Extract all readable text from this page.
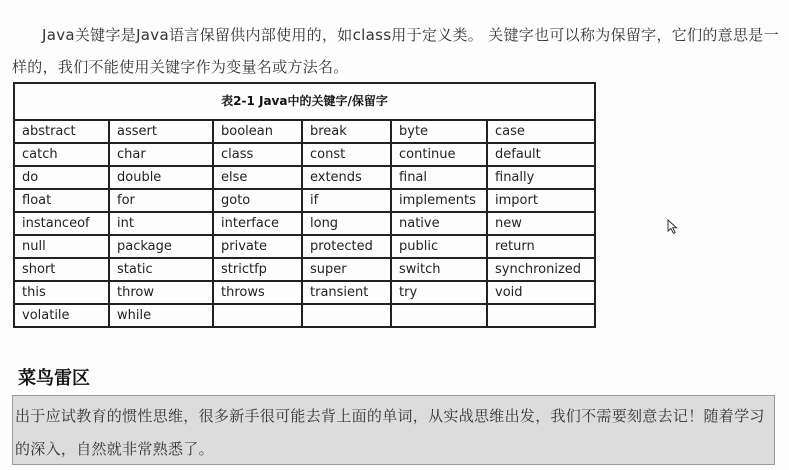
Java关键字是Java语言保留供内部使用的，如class用于定义类。 关键字也可以称为保留字，它们的意思是一样的，我们不能使用关键字作为变量名或方法名。

表2-1 Java中的关键字/保留字
abstract	assert	boolean	break	byte	case
catch	char	class	const	continue	default
do	double	else	extends	final	finally
float	for	goto	if	implements	import
instanceof	int	interface	long	native	new
null	package	private	protected	public	return
short	static	strictfp	super	switch	synchronized
this	throw	throws	transient	try	void
volatile	while				
菜鸟雷区
出于应试教育的惯性思维，很多新手很可能去背上面的单词，从实战思维出发，我们不需要刻意去记！随着学习的深入，自然就非常熟悉了。
